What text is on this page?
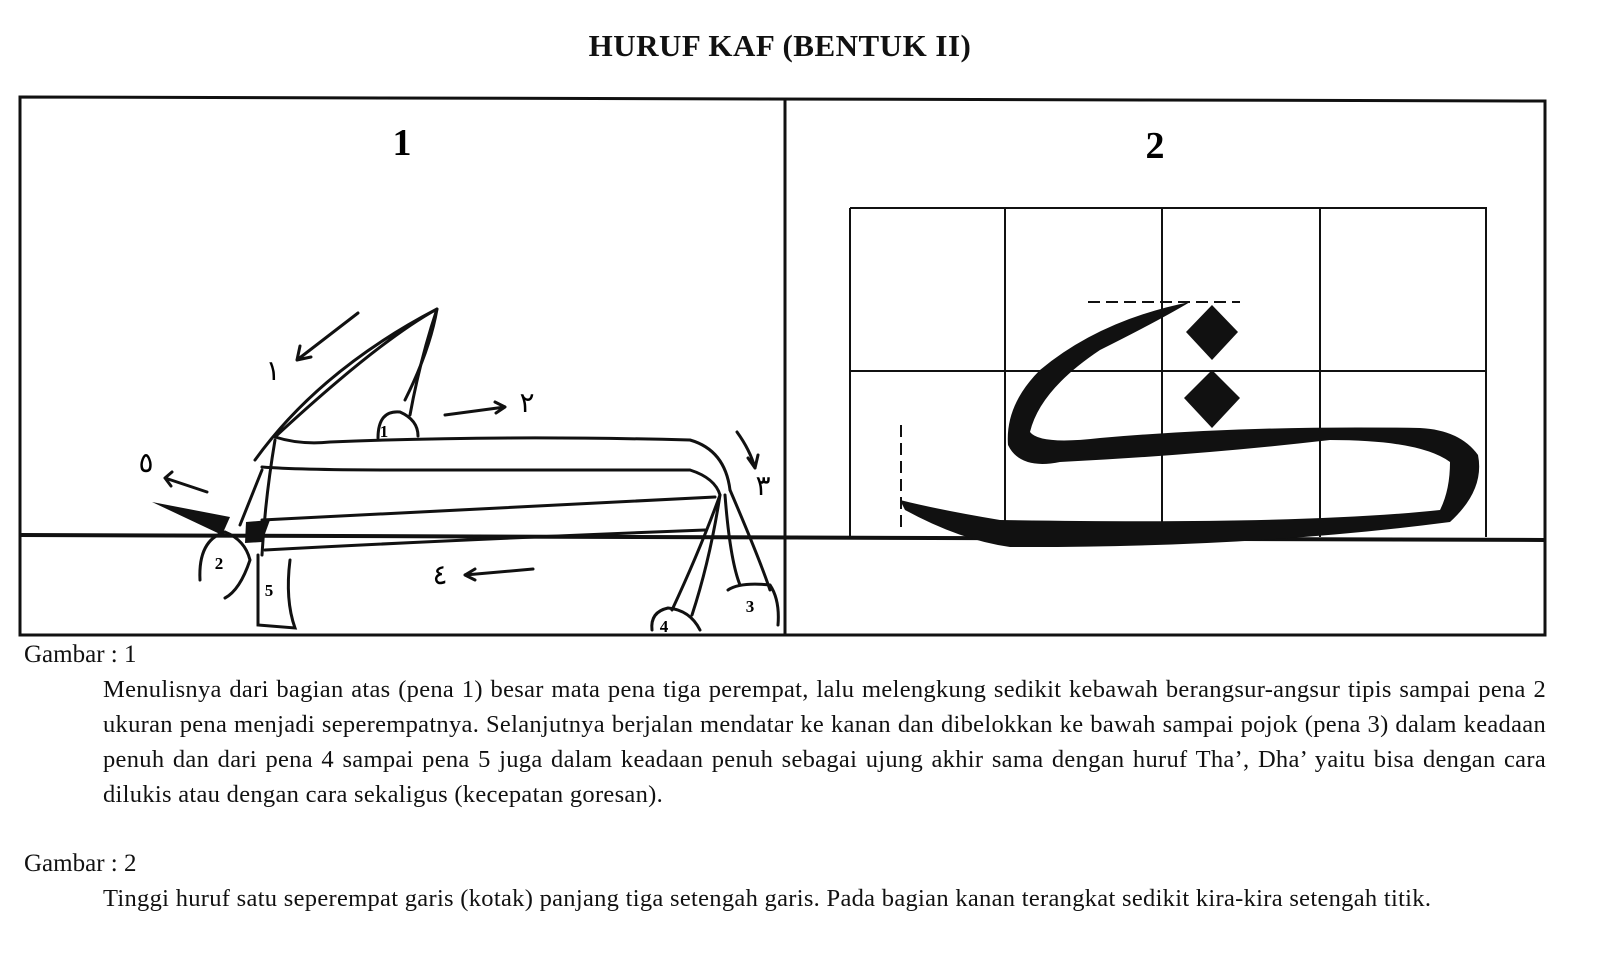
HURUF KAF (BENTUK II)
1	2
1
2
3
4
5
١
٢
٣
٤
٥
Gambar : 1
Menulisnya dari bagian atas (pena 1) besar mata pena tiga perempat, lalu melengkung sedikit kebawah berangsur-angsur tipis sampai pena 2 ukuran pena menjadi seperempatnya. Selanjutnya berjalan mendatar ke kanan dan dibelokkan ke bawah sampai pojok (pena 3) dalam keadaan penuh dan dari pena 4 sampai pena 5 juga dalam keadaan penuh sebagai ujung akhir sama dengan huruf Tha’, Dha’ yaitu bisa dengan cara dilukis atau dengan cara sekaligus (kecepatan goresan).
Gambar : 2
Tinggi huruf satu seperempat garis (kotak) panjang tiga setengah garis. Pada bagian kanan terangkat sedikit kira-kira setengah titik.
